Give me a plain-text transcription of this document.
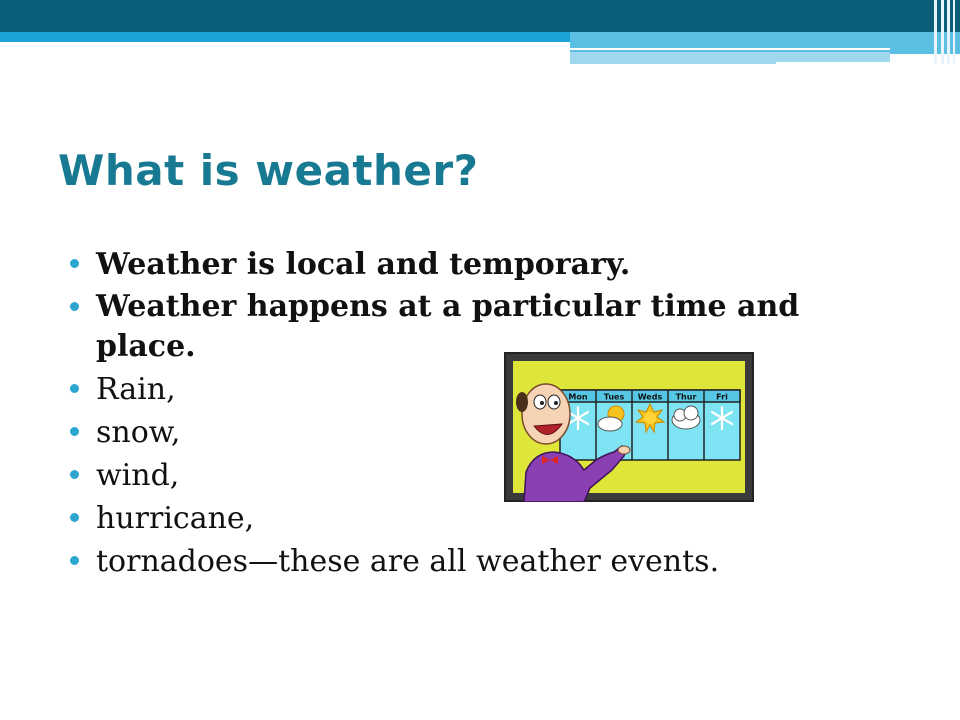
What is weather?
Weather is local and temporary.
Weather happens at a particular time and place.
Rain,
snow,
wind,
hurricane,
tornadoes—these are all weather events.
Mon Tues Weds Thur Fri
